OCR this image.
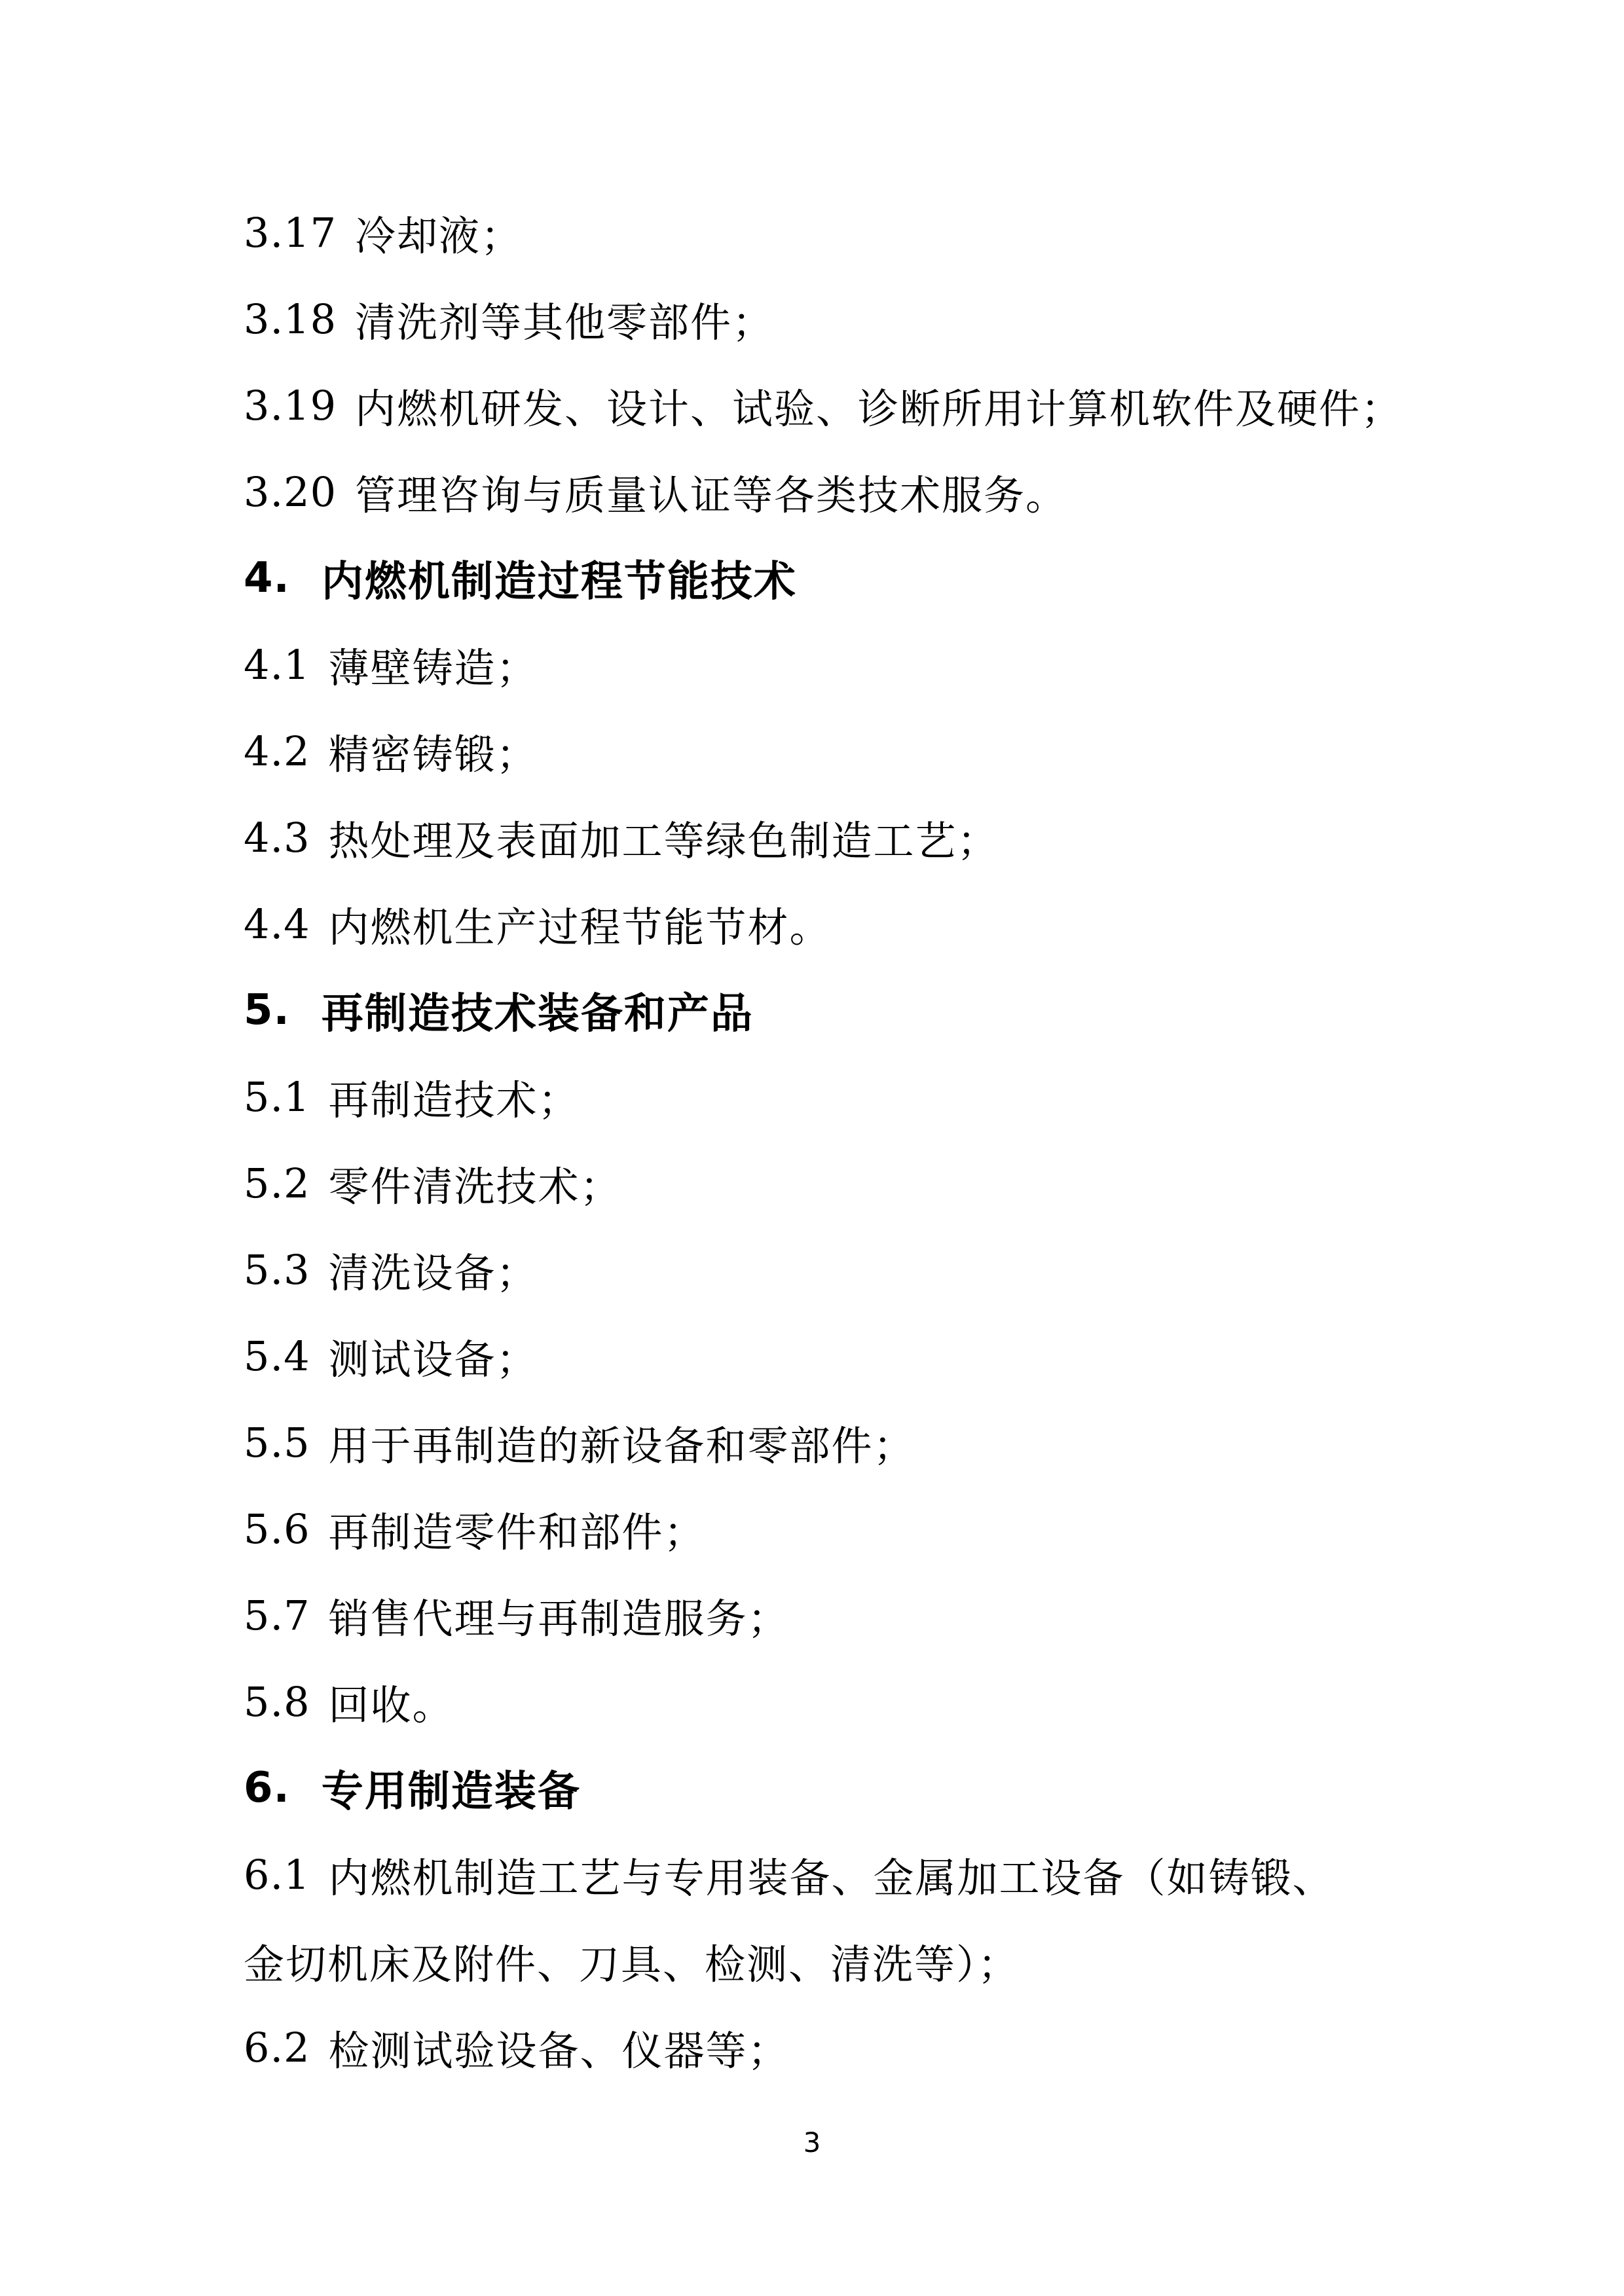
3.17 冷却液；
3.18 清洗剂等其他零部件；
3.19 内燃机研发、设计、试验、诊断所用计算机软件及硬件；
3.20 管理咨询与质量认证等各类技术服务。
4. 内燃机制造过程节能技术
4.1 薄壁铸造；
4.2 精密铸锻；
4.3 热处理及表面加工等绿色制造工艺；
4.4 内燃机生产过程节能节材。
5. 再制造技术装备和产品
5.1 再制造技术；
5.2 零件清洗技术；
5.3 清洗设备；
5.4 测试设备；
5.5 用于再制造的新设备和零部件；
5.6 再制造零件和部件；
5.7 销售代理与再制造服务；
5.8 回收。
6. 专用制造装备
6.1 内燃机制造工艺与专用装备、金属加工设备（如铸锻、
金切机床及附件、刀具、检测、清洗等）；
6.2 检测试验设备、仪器等；
3
